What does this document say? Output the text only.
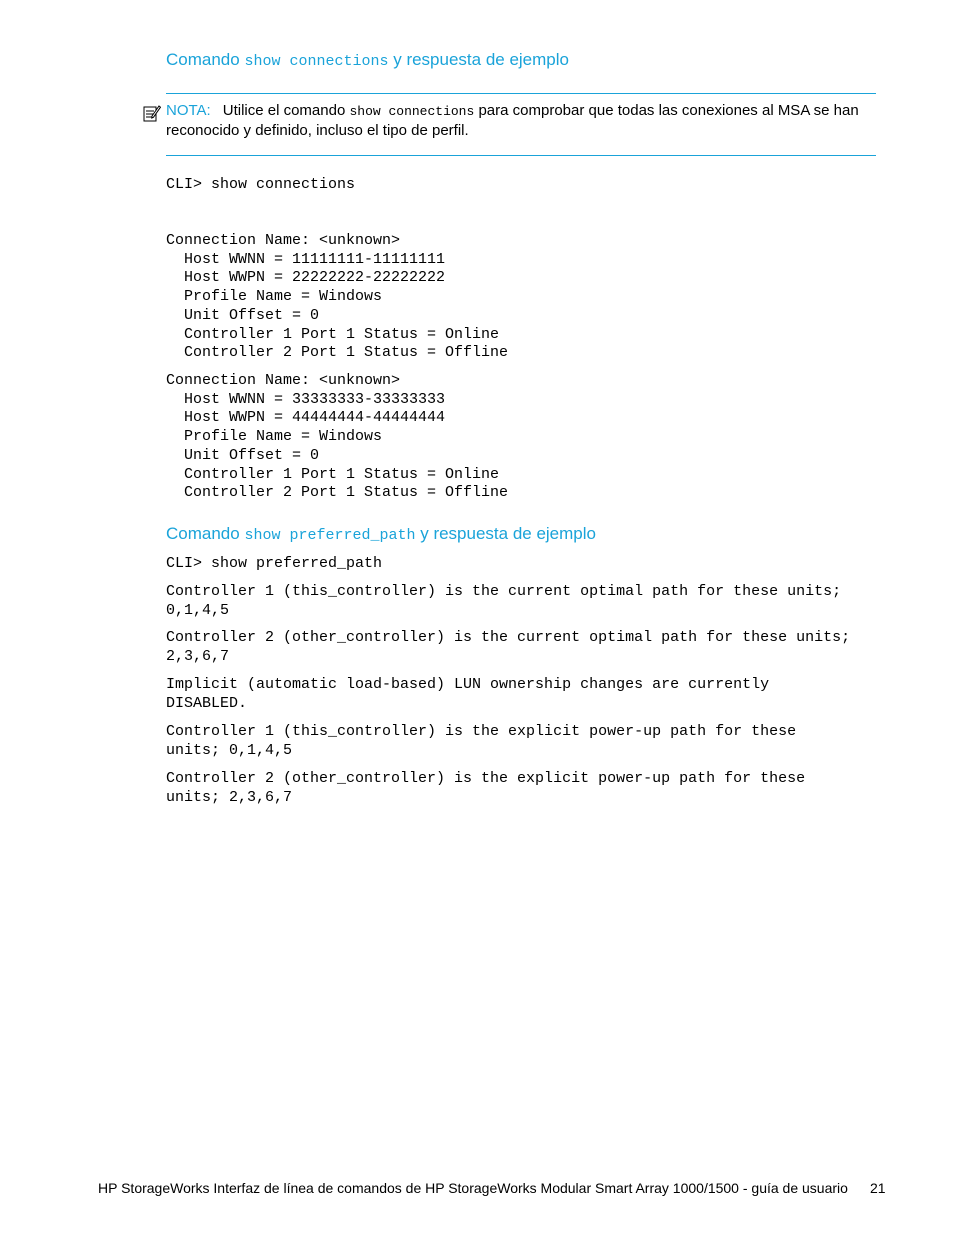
Comando show connections y respuesta de ejemplo
NOTA: Utilice el comando show connections para comprobar que todas las conexiones al MSA se han reconocido y definido, incluso el tipo de perfil.
CLI> show connections
Connection Name: <unknown>
Host WWNN = 11111111-11111111
Host WWPN = 22222222-22222222
Profile Name = Windows
Unit Offset = 0
Controller 1 Port 1 Status = Online
Controller 2 Port 1 Status = Offline
Connection Name: <unknown>
Host WWNN = 33333333-33333333
Host WWPN = 44444444-44444444
Profile Name = Windows
Unit Offset = 0
Controller 1 Port 1 Status = Online
Controller 2 Port 1 Status = Offline
Comando show preferred_path y respuesta de ejemplo
CLI> show preferred_path
Controller 1 (this_controller) is the current optimal path for these units;
0,1,4,5
Controller 2 (other_controller) is the current optimal path for these units;
2,3,6,7
Implicit (automatic load-based) LUN ownership changes are currently
DISABLED.
Controller 1 (this_controller) is the explicit power-up path for these
units; 0,1,4,5
Controller 2 (other_controller) is the explicit power-up path for these
units; 2,3,6,7
HP StorageWorks Interfaz de línea de comandos de HP StorageWorks Modular Smart Array 1000/1500 - guía de usuario 21
